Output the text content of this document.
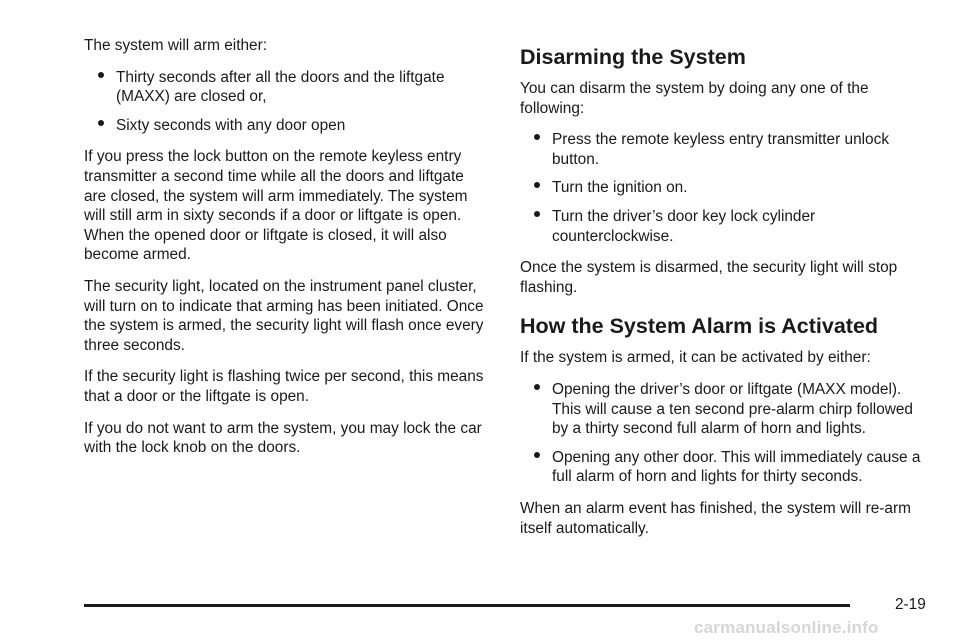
The system will arm either:

Thirty seconds after all the doors and the liftgate (MAXX) are closed or,
Sixty seconds with any door open

If you press the lock button on the remote keyless entry transmitter a second time while all the doors and liftgate are closed, the system will arm immediately. The system will still arm in sixty seconds if a door or liftgate is open. When the opened door or liftgate is closed, it will also become armed.

The security light, located on the instrument panel cluster, will turn on to indicate that arming has been initiated. Once the system is armed, the security light will flash once every three seconds.

If the security light is flashing twice per second, this means that a door or the liftgate is open.

If you do not want to arm the system, you may lock the car with the lock knob on the doors.

Disarming the System

You can disarm the system by doing any one of the following:

Press the remote keyless entry transmitter unlock button.
Turn the ignition on.
Turn the driver’s door key lock cylinder counterclockwise.

Once the system is disarmed, the security light will stop flashing.

How the System Alarm is Activated

If the system is armed, it can be activated by either:

Opening the driver’s door or liftgate (MAXX model). This will cause a ten second pre-alarm chirp followed by a thirty second full alarm of horn and lights.
Opening any other door. This will immediately cause a full alarm of horn and lights for thirty seconds.

When an alarm event has finished, the system will re-arm itself automatically.

2-19
carmanualsonline.info
